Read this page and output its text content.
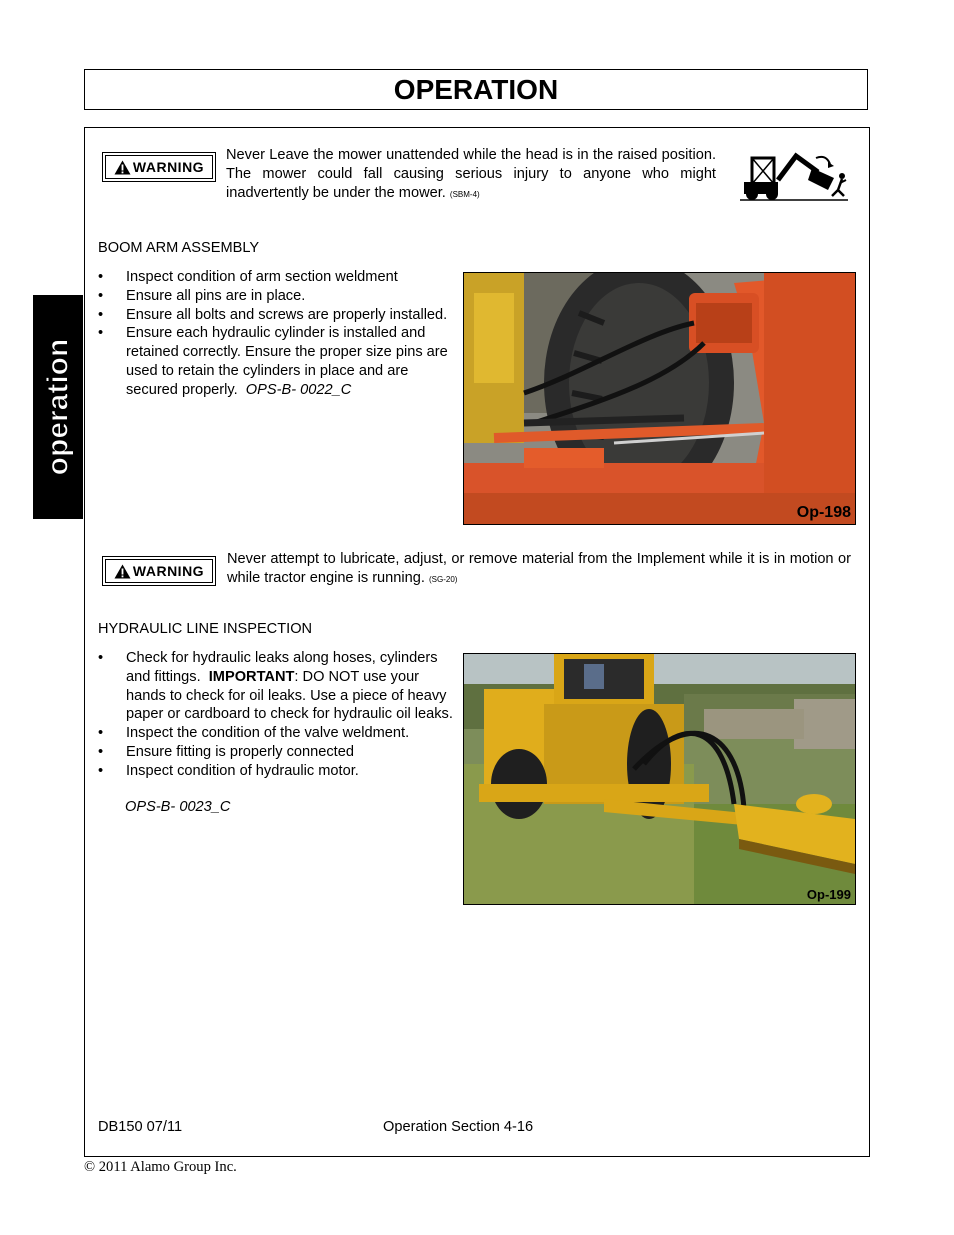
OPERATION
operation
WARNING
Never Leave the mower unattended while the head is in the raised position. The mower could fall causing serious injury to anyone who might inadvertently be under the mower. (SBM-4)
BOOM ARM ASSEMBLY
• Inspect condition of arm section weldment
• Ensure all pins are in place.
• Ensure all bolts and screws are properly installed.
• Ensure each hydraulic cylinder is installed and retained correctly. Ensure the proper size pins are used to retain the cylinders in place and are secured properly. OPS-B- 0022_C
Op-198
WARNING
Never attempt to lubricate, adjust, or remove material from the Implement while it is in motion or while tractor engine is running. (SG-20)
HYDRAULIC LINE INSPECTION
• Check for hydraulic leaks along hoses, cylinders and fittings. IMPORTANT: DO NOT use your hands to check for oil leaks. Use a piece of heavy paper or cardboard to check for hydraulic oil leaks.
• Inspect the condition of the valve weldment.
• Ensure fitting is properly connected
• Inspect condition of hydraulic motor.
OPS-B- 0023_C
Op-199
DB150 07/11	Operation Section 4-16
© 2011 Alamo Group Inc.
